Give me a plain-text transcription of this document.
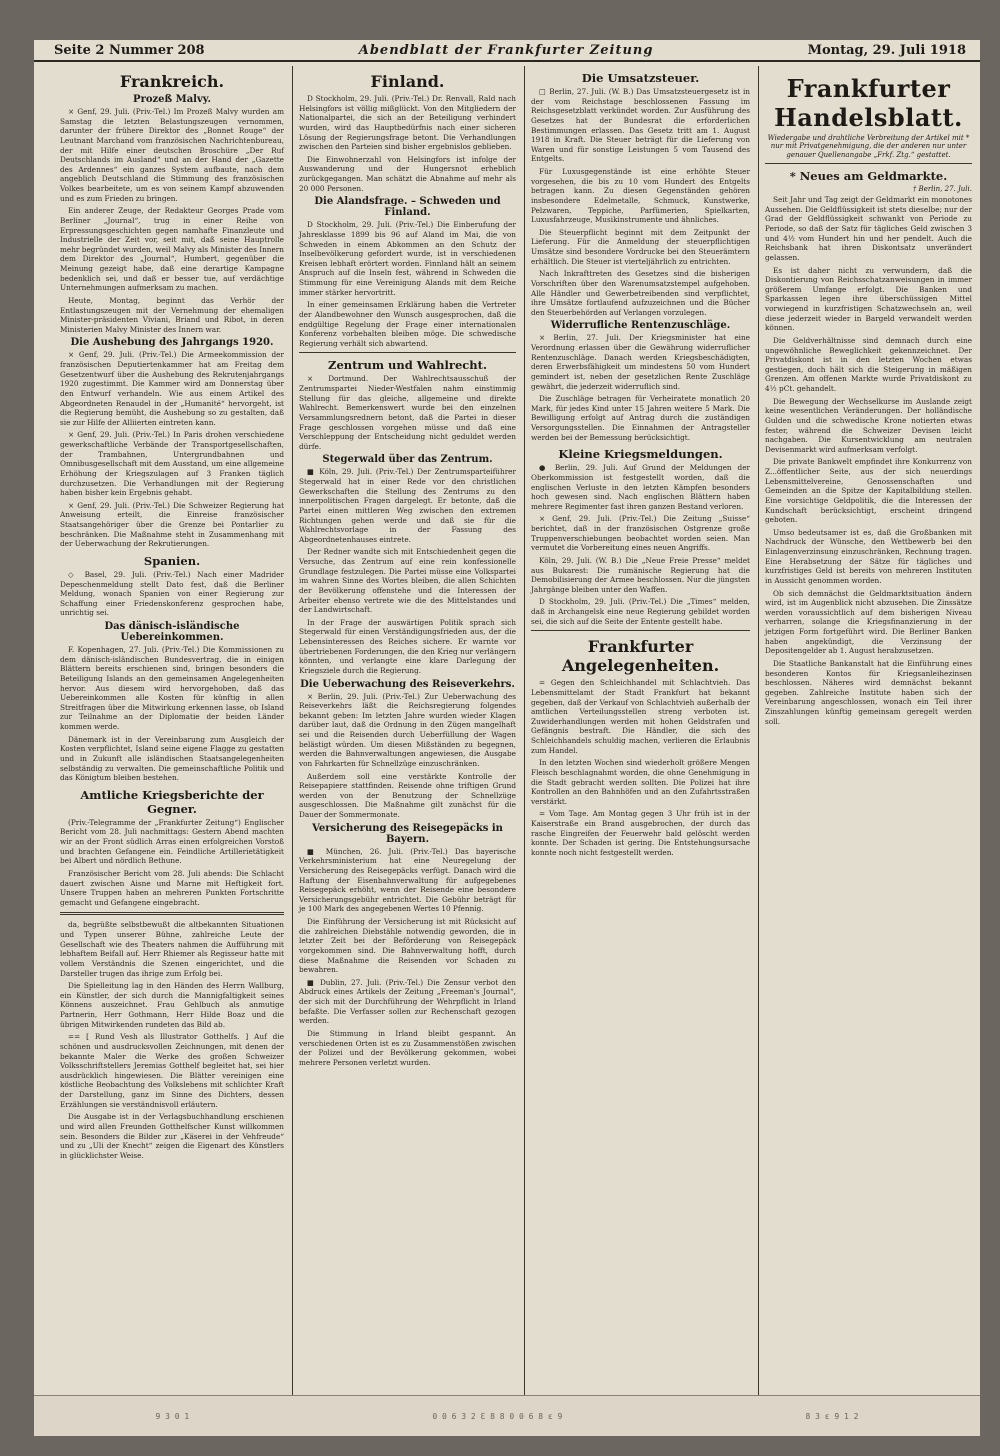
Seite 2 Nummer 208	Abendblatt der Frankfurter Zeitung	Montag, 29. Juli 1918
Frankreich.
Prozeß Malvy.

× Genf, 29. Juli. (Priv.-Tel.) Im Prozeß Malvy wurden am Samstag die letzten Belastungszeugen vernommen, darunter der frühere Direktor des „Bonnet Rouge“ der Leutnant Marchand vom französischen Nachrichtenbureau, der mit Hilfe einer deutschen Broschüre „Der Ruf Deutschlands im Ausland“ und an der Hand der „Gazette des Ardennes“ ein ganzes System aufbaute, nach dem angeblich Deutschland die Stimmung des französischen Volkes bearbeitete, um es von seinem Kampf abzuwenden und es zum Frieden zu bringen.

Ein anderer Zeuge, der Redakteur Georges Prade vom Berliner „Journal“, trug in einer Reihe von Erpressungsgeschichten gegen namhafte Finanzleute und Industrielle der Zeit vor, seit mit, daß seine Hauptrolle mehr begründet wurden, weil Malvy als Minister des Innern dem Direktor des „Journal“, Humbert, gegenüber die Meinung gezeigt habe, daß eine derartige Kampagne bedenklich sei, und daß er besser tue, auf verdächtige Unternehmungen aufmerksam zu machen.

Heute, Montag, beginnt das Verhör der Entlastungszeugen mit der Vernehmung der ehemaligen Minister-präsidenten Viviani, Briand und Ribot, in deren Ministerien Malvy Minister des Innern war.

Die Aushebung des Jahrgangs 1920.

× Genf, 29. Juli. (Priv.-Tel.) Die Armeekommission der französischen Deputiertenkammer hat am Freitag dem Gesetzentwurf über die Aushebung des Rekrutenjahrgangs 1920 zugestimmt. Die Kammer wird am Donnerstag über den Entwurf verhandeln. Wie aus einem Artikel des Abgeordneten Renaudel in der „Humanité“ hervorgeht, ist die Regierung bemüht, die Aushebung so zu gestalten, daß sie zur Hilfe der Alliierten eintreten kann.

× Genf, 29. Juli. (Priv.-Tel.) In Paris drohen verschiedene gewerkschaftliche Verbände der Transportgesellschaften, der Trambahnen, Untergrundbahnen und Omnibusgesellschaft mit dem Ausstand, um eine allgemeine Erhöhung der Kriegszulagen auf 3 Franken täglich durchzusetzen. Die Verhandlungen mit der Regierung haben bisher kein Ergebnis gehabt.

× Genf, 29. Juli. (Priv.-Tel.) Die Schweizer Regierung hat Anweisung erteilt, die Einreise französischer Staatsangehöriger über die Grenze bei Pontarlier zu beschränken. Die Maßnahme steht in Zusammenhang mit der Ueberwachung der Rekrutierungen.

Spanien.

◇ Basel, 29. Juli. (Priv.-Tel.) Nach einer Madrider Depeschenmeldung stellt Dato fest, daß die Berliner Meldung, wonach Spanien von einer Regierung zur Schaffung einer Friedenskonferenz gesprochen habe, unrichtig sei.

Das dänisch-isländische Uebereinkommen.

F. Kopenhagen, 27. Juli. (Priv.-Tel.) Die Kommissionen zu dem dänisch-isländischen Bundesvertrag, die in einigen Blättern bereits erschienen sind, bringen besonders die Beteiligung Islands an den gemeinsamen Angelegenheiten hervor. Aus diesem wird hervorgehoben, daß das Uebereinkommen alle Kosten für künftig in allen Streitfragen über die Mitwirkung erkennen lasse, ob Island zur Teilnahme an der Diplomatie der beiden Länder kommen werde.

Dänemark ist in der Vereinbarung zum Ausgleich der Kosten verpflichtet, Island seine eigene Flagge zu gestatten und in Zukunft alle isländischen Staatsangelegenheiten selbständig zu verwalten. Die gemeinschaftliche Politik und das Königtum bleiben bestehen.

Amtliche Kriegsberichte der Gegner.

(Priv.-Telegramme der „Frankfurter Zeitung“) Englischer Bericht vom 28. Juli nachmittags: Gestern Abend machten wir an der Front südlich Arras einen erfolgreichen Vorstoß und brachten Gefangene ein. Feindliche Artillerietätigkeit bei Albert und nördlich Bethune.

Französischer Bericht vom 28. Juli abends: Die Schlacht dauert zwischen Aisne und Marne mit Heftigkeit fort. Unsere Truppen haben an mehreren Punkten Fortschritte gemacht und Gefangene eingebracht.

da, begrüßte selbstbewußt die altbekannten Situationen und Typen unserer Bühne, zahlreiche Leute der Gesellschaft wie des Theaters nahmen die Aufführung mit lebhaftem Beifall auf. Herr Rhiemer als Regisseur hatte mit vollem Verständnis die Szenen eingerichtet, und die Darsteller trugen das ihrige zum Erfolg bei.

Die Spielleitung lag in den Händen des Herrn Wallburg, ein Künstler, der sich durch die Mannigfaltigkeit seines Könnens auszeichnet. Frau Gehlbuch als anmutige Partnerin, Herr Gothmann, Herr Hilde Boaz und die übrigen Mitwirkenden rundeten das Bild ab.

== [ Rund Vesh als Illustrator Gotthelfs. ] Auf die schönen und ausdrucksvollen Zeichnungen, mit denen der bekannte Maler die Werke des großen Schweizer Volksschriftstellers Jeremias Gotthelf begleitet hat, sei hier ausdrücklich hingewiesen. Die Blätter vereinigen eine köstliche Beobachtung des Volkslebens mit schlichter Kraft der Darstellung, ganz im Sinne des Dichters, dessen Erzählungen sie verständnisvoll erläutern.

Die Ausgabe ist in der Verlagsbuchhandlung erschienen und wird allen Freunden Gotthelfscher Kunst willkommen sein. Besonders die Bilder zur „Käserei in der Vehfreude“ und zu „Uli der Knecht“ zeigen die Eigenart des Künstlers in glücklichster Weise.

Finland.

D Stockholm, 29. Juli. (Priv.-Tel.) Dr. Renvall, Rald nach Helsingfors ist völlig mißglückt. Von den Mitgliedern der Nationalpartei, die sich an der Beteiligung verhindert wurden, wird das Hauptbedürfnis nach einer sicheren Lösung der Regierungsfrage betont. Die Verhandlungen zwischen den Parteien sind bisher ergebnislos geblieben.

Die Einwohnerzahl von Helsingfors ist infolge der Auswanderung und der Hungersnot erheblich zurückgegangen. Man schätzt die Abnahme auf mehr als 20 000 Personen.

Die Alandsfrage. – Schweden und Finland.

D Stockholm, 29. Juli. (Priv.-Tel.) Die Einberufung der Jahresklasse 1899 bis 96 auf Aland im Mai, die von Schweden in einem Abkommen an den Schutz der Inselbevölkerung gefordert wurde, ist in verschiedenen Kreisen lebhaft erörtert worden. Finnland hält an seinem Anspruch auf die Inseln fest, während in Schweden die Stimmung für eine Vereinigung Alands mit dem Reiche immer stärker hervortritt.

In einer gemeinsamen Erklärung haben die Vertreter der Alandbewohner den Wunsch ausgesprochen, daß die endgültige Regelung der Frage einer internationalen Konferenz vorbehalten bleiben möge. Die schwedische Regierung verhält sich abwartend.

Zentrum und Wahlrecht.

× Dortmund. Der Wahlrechtsausschuß der Zentrumspartei Nieder-Westfalen nahm einstimmig Stellung für das gleiche, allgemeine und direkte Wahlrecht. Bemerkenswert wurde bei den einzelnen Versammlungsrednern betont, daß die Partei in dieser Frage geschlossen vorgehen müsse und daß eine Verschleppung der Entscheidung nicht geduldet werden dürfe.

Stegerwald über das Zentrum.

■ Köln, 29. Juli. (Priv.-Tel.) Der Zentrumsparteiführer Stegerwald hat in einer Rede vor den christlichen Gewerkschaften die Stellung des Zentrums zu den innerpolitischen Fragen dargelegt. Er betonte, daß die Partei einen mittleren Weg zwischen den extremen Richtungen gehen werde und daß sie für die Wahlrechtsvorlage in der Fassung des Abgeordnetenhauses eintrete.

Der Redner wandte sich mit Entschiedenheit gegen die Versuche, das Zentrum auf eine rein konfessionelle Grundlage festzulegen. Die Partei müsse eine Volkspartei im wahren Sinne des Wortes bleiben, die allen Schichten der Bevölkerung offenstehe und die Interessen der Arbeiter ebenso vertrete wie die des Mittelstandes und der Landwirtschaft.

In der Frage der auswärtigen Politik sprach sich Stegerwald für einen Verständigungsfrieden aus, der die Lebensinteressen des Reiches sichere. Er warnte vor übertriebenen Forderungen, die den Krieg nur verlängern könnten, und verlangte eine klare Darlegung der Kriegsziele durch die Regierung.

Die Ueberwachung des Reiseverkehrs.

× Berlin, 29. Juli. (Priv.-Tel.) Zur Ueberwachung des Reiseverkehrs läßt die Reichsregierung folgendes bekannt geben: Im letzten Jahre wurden wieder Klagen darüber laut, daß die Ordnung in den Zügen mangelhaft sei und die Reisenden durch Ueberfüllung der Wagen belästigt würden. Um diesen Mißständen zu begegnen, werden die Bahnverwaltungen angewiesen, die Ausgabe von Fahrkarten für Schnellzüge einzuschränken.

Außerdem soll eine verstärkte Kontrolle der Reisepapiere stattfinden. Reisende ohne triftigen Grund werden von der Benutzung der Schnellzüge ausgeschlossen. Die Maßnahme gilt zunächst für die Dauer der Sommermonate.

Versicherung des Reisegepäcks in Bayern.

■ München, 26. Juli. (Priv.-Tel.) Das bayerische Verkehrsministerium hat eine Neuregelung der Versicherung des Reisegepäcks verfügt. Danach wird die Haftung der Eisenbahnverwaltung für aufgegebenes Reisegepäck erhöht, wenn der Reisende eine besondere Versicherungsgebühr entrichtet. Die Gebühr beträgt für je 100 Mark des angegebenen Wertes 10 Pfennig.

Die Einführung der Versicherung ist mit Rücksicht auf die zahlreichen Diebstähle notwendig geworden, die in letzter Zeit bei der Beförderung von Reisegepäck vorgekommen sind. Die Bahnverwaltung hofft, durch diese Maßnahme die Reisenden vor Schaden zu bewahren.

■ Dublin, 27. Juli. (Priv.-Tel.) Die Zensur verbot den Abdruck eines Artikels der Zeitung „Freeman's Journal“, der sich mit der Durchführung der Wehrpflicht in Irland befaßte. Die Verfasser sollen zur Rechenschaft gezogen werden.

Die Stimmung in Irland bleibt gespannt. An verschiedenen Orten ist es zu Zusammenstößen zwischen der Polizei und der Bevölkerung gekommen, wobei mehrere Personen verletzt wurden.

Die Umsatzsteuer.

□ Berlin, 27. Juli. (W. B.) Das Umsatzsteuergesetz ist in der vom Reichstage beschlossenen Fassung im Reichsgesetzblatt verkündet worden. Zur Ausführung des Gesetzes hat der Bundesrat die erforderlichen Bestimmungen erlassen. Das Gesetz tritt am 1. August 1918 in Kraft. Die Steuer beträgt für die Lieferung von Waren und für sonstige Leistungen 5 vom Tausend des Entgelts.

Für Luxusgegenstände ist eine erhöhte Steuer vorgesehen, die bis zu 10 vom Hundert des Entgelts betragen kann. Zu diesen Gegenständen gehören insbesondere Edelmetalle, Schmuck, Kunstwerke, Pelzwaren, Teppiche, Parfümerien, Spielkarten, Luxusfahrzeuge, Musikinstrumente und ähnliches.

Die Steuerpflicht beginnt mit dem Zeitpunkt der Lieferung. Für die Anmeldung der steuerpflichtigen Umsätze sind besondere Vordrucke bei den Steuerämtern erhältlich. Die Steuer ist vierteljährlich zu entrichten.

Nach Inkrafttreten des Gesetzes sind die bisherigen Vorschriften über den Warenumsatzstempel aufgehoben. Alle Händler und Gewerbetreibenden sind verpflichtet, ihre Umsätze fortlaufend aufzuzeichnen und die Bücher den Steuerbehörden auf Verlangen vorzulegen.

Widerrufliche Rentenzuschläge.

× Berlin, 27. Juli. Der Kriegsminister hat eine Verordnung erlassen über die Gewährung widerruflicher Rentenzuschläge. Danach werden Kriegsbeschädigten, deren Erwerbsfähigkeit um mindestens 50 vom Hundert gemindert ist, neben der gesetzlichen Rente Zuschläge gewährt, die jederzeit widerruflich sind.

Die Zuschläge betragen für Verheiratete monatlich 20 Mark, für jedes Kind unter 15 Jahren weitere 5 Mark. Die Bewilligung erfolgt auf Antrag durch die zuständigen Versorgungsstellen. Die Einnahmen der Antragsteller werden bei der Bemessung berücksichtigt.

Kleine Kriegsmeldungen.

● Berlin, 29. Juli. Auf Grund der Meldungen der Oberkommission ist festgestellt worden, daß die englischen Verluste in den letzten Kämpfen besonders hoch gewesen sind. Nach englischen Blättern haben mehrere Regimenter fast ihren ganzen Bestand verloren.

× Genf, 29. Juli. (Priv.-Tel.) Die Zeitung „Suisse“ berichtet, daß in der französischen Ostgrenze große Truppenverschiebungen beobachtet worden seien. Man vermutet die Vorbereitung eines neuen Angriffs.

Köln, 29. Juli. (W. B.) Die „Neue Freie Presse“ meldet aus Bukarest: Die rumänische Regierung hat die Demobilisierung der Armee beschlossen. Nur die jüngsten Jahrgänge bleiben unter den Waffen.

D Stockholm, 29. Juli. (Priv.-Tel.) Die „Times“ melden, daß in Archangelsk eine neue Regierung gebildet worden sei, die sich auf die Seite der Entente gestellt habe.

Frankfurter Angelegenheiten.

= Gegen den Schleichhandel mit Schlachtvieh. Das Lebensmittelamt der Stadt Frankfurt hat bekannt gegeben, daß der Verkauf von Schlachtvieh außerhalb der amtlichen Verteilungsstellen streng verboten ist. Zuwiderhandlungen werden mit hohen Geldstrafen und Gefängnis bestraft. Die Händler, die sich des Schleichhandels schuldig machen, verlieren die Erlaubnis zum Handel.

In den letzten Wochen sind wiederholt größere Mengen Fleisch beschlagnahmt worden, die ohne Genehmigung in die Stadt gebracht werden sollten. Die Polizei hat ihre Kontrollen an den Bahnhöfen und an den Zufahrtsstraßen verstärkt.

= Vom Tage. Am Montag gegen 3 Uhr früh ist in der Kaiserstraße ein Brand ausgebrochen, der durch das rasche Eingreifen der Feuerwehr bald gelöscht werden konnte. Der Schaden ist gering. Die Entstehungsursache konnte noch nicht festgestellt werden.

Frankfurter Handelsblatt.
Wiedergabe und drahtliche Verbreitung der Artikel mit * nur mit Privatgenehmigung, die der anderen nur unter genauer Quellenangabe „Frkf. Ztg.“ gestattet.
* Neues am Geldmarkte.
† Berlin, 27. Juli.

Seit Jahr und Tag zeigt der Geldmarkt ein monotones Aussehen. Die Geldflüssigkeit ist stets dieselbe; nur der Grad der Geldflüssigkeit schwankt von Periode zu Periode, so daß der Satz für tägliches Geld zwischen 3 und 4½ vom Hundert hin und her pendelt. Auch die Reichsbank hat ihren Diskontsatz unverändert gelassen.

Es ist daher nicht zu verwundern, daß die Diskontierung von Reichsschatzanweisungen in immer größerem Umfange erfolgt. Die Banken und Sparkassen legen ihre überschüssigen Mittel vorwiegend in kurzfristigen Schatzwechseln an, weil diese jederzeit wieder in Bargeld verwandelt werden können.

Die Geldverhältnisse sind demnach durch eine ungewöhnliche Beweglichkeit gekennzeichnet. Der Privatdiskont ist in den letzten Wochen etwas gestiegen, doch hält sich die Steigerung in mäßigen Grenzen. Am offenen Markte wurde Privatdiskont zu 4½ pCt. gehandelt.

Die Bewegung der Wechselkurse im Auslande zeigt keine wesentlichen Veränderungen. Der holländische Gulden und die schwedische Krone notierten etwas fester, während die Schweizer Devisen leicht nachgaben. Die Kursentwicklung am neutralen Devisenmarkt wird aufmerksam verfolgt.

Die private Bankwelt empfindet ihre Konkurrenz von Z...öffentlicher Seite, aus der sich neuerdings Lebensmittelvereine, Genossenschaften und Gemeinden an die Spitze der Kapitalbildung stellen. Eine vorsichtige Geldpolitik, die die Interessen der Kundschaft berücksichtigt, erscheint dringend geboten.

Umso bedeutsamer ist es, daß die Großbanken mit Nachdruck der Wünsche, den Wettbewerb bei den Einlagenverzinsung einzuschränken, Rechnung tragen. Eine Herabsetzung der Sätze für tägliches und kurzfristiges Geld ist bereits von mehreren Instituten in Aussicht genommen worden.

Ob sich demnächst die Geldmarktsituation ändern wird, ist im Augenblick nicht abzusehen. Die Zinssätze werden voraussichtlich auf dem bisherigen Niveau verharren, solange die Kriegsfinanzierung in der jetzigen Form fortgeführt wird. Die Berliner Banken haben angekündigt, die Verzinsung der Depositengelder ab 1. August herabzusetzen.

Die Staatliche Bankanstalt hat die Einführung eines besonderen Kontos für Kriegsanleihezinsen beschlossen. Näheres wird demnächst bekannt gegeben. Zahlreiche Institute haben sich der Vereinbarung angeschlossen, wonach ein Teil ihrer Zinszahlungen künftig gemeinsam geregelt werden soll.

9 3 0 1	0 0 6 3 2 Ɛ 8 8 0 0 6 8 ɛ 9	8 3 ɛ 9 1 2
